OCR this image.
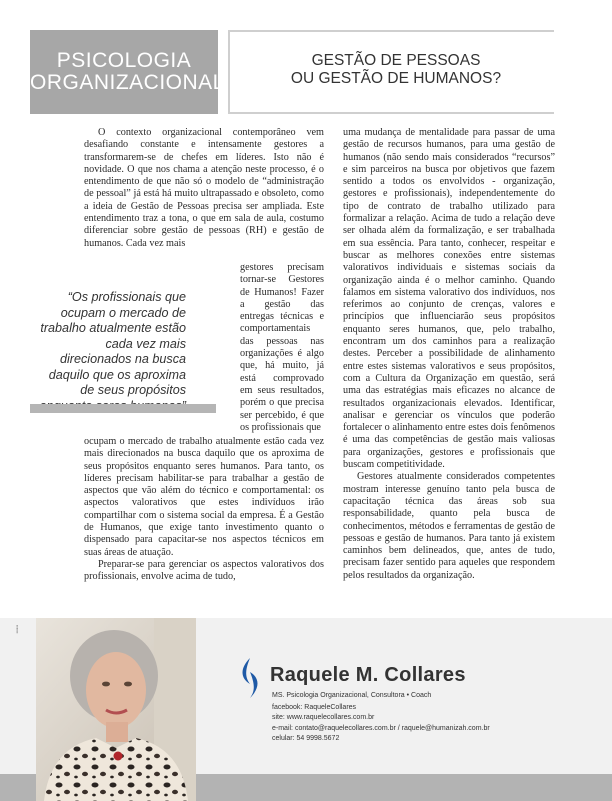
PSICOLOGIA
ORGANIZACIONAL
GESTÃO DE PESSOAS
OU GESTÃO DE HUMANOS?

O contexto organizacional contemporâneo vem desafiando constante e intensamente gestores a transformarem-se de chefes em líderes. Isto não é novidade. O que nos chama a atenção neste processo, é o entendimento de que não só o modelo de “administração de pessoal” já está há muito ultrapassado e obsoleto, como a ideia de Gestão de Pessoas precisa ser ampliada. Este entendimento traz a tona, o que em sala de aula, costumo diferenciar sobre gestão de pessoas (RH) e gestão de humanos. Cada vez mais

gestores precisam tornar-se Gestores de Humanos! Fazer a gestão das entregas técnicas e comportamentais das pessoas nas organizações é algo que, há muito, já está comprovado em seus resultados, porém o que precisa ser percebido, é que os profissionais que

ocupam o mercado de trabalho atualmente estão cada vez mais direcionados na busca daquilo que os aproxima de seus propósitos enquanto seres humanos. Para tanto, os líderes precisam habilitar-se para trabalhar a gestão de aspectos que vão além do técnico e comportamental: os aspectos valorativos que estes indivíduos irão compartilhar com o sistema social da empresa. É a Gestão de Humanos, que exige tanto investimento quanto o dispensado para capacitar-se nos aspectos técnicos em suas áreas de atuação.

Preparar-se para gerenciar os aspectos valorativos dos profissionais, envolve acima de tudo,

“Os profissionais que ocupam o mercado de trabalho atualmente estão cada vez mais direcionados na busca daquilo que os aproxima de seus propósitos

uma mudança de mentalidade para passar de uma gestão de recursos humanos, para uma gestão de humanos (não sendo mais considerados “recursos” e sim parceiros na busca por objetivos que fazem sentido a todos os envolvidos - organização, gestores e profissionais), independentemente do tipo de contrato de trabalho utilizado para formalizar a relação. Acima de tudo a relação deve ser olhada além da formalização, e ser trabalhada em sua essência. Para tanto, conhecer, respeitar e buscar as melhores conexões entre sistemas valorativos individuais e sistemas sociais da organização ainda é o melhor caminho. Quando falamos em sistema valorativo dos indivíduos, nos referimos ao conjunto de crenças, valores e princípios que influenciarão seus propósitos enquanto seres humanos, que, pelo trabalho, encontram um dos caminhos para a realização destes. Perceber a possibilidade de alinhamento entre estes sistemas valorativos e seus propósitos, com a Cultura da Organização em questão, será uma das estratégias mais eficazes no alcance de resultados organizacionais elevados. Identificar, analisar e gerenciar os vínculos que poderão fortalecer o alinhamento entre estes dois fenômenos é uma das competências de gestão mais valiosas para organizações, gestores e profissionais que buscam competitividade.

Gestores atualmente considerados competentes mostram interesse genuíno tanto pela busca de capacitação técnica das áreas sob sua responsabilidade, quanto pela busca de conhecimentos, métodos e ferramentas de gestão de pessoas e gestão de humanos. Para tanto já existem caminhos bem delineados, que, antes de tudo, precisam fazer sentido para aqueles que respondem pelos resultados da organização.

▪▪▪▪▪▪
Raquele M. Collares
MS. Psicologia Organizacional, Consultora • Coach
facebook: RaqueleCollares
site: www.raquelecollares.com.br
e-mail: contato@raquelecollares.com.br / raquele@humanizah.com.br
celular: 54 9998.5672
